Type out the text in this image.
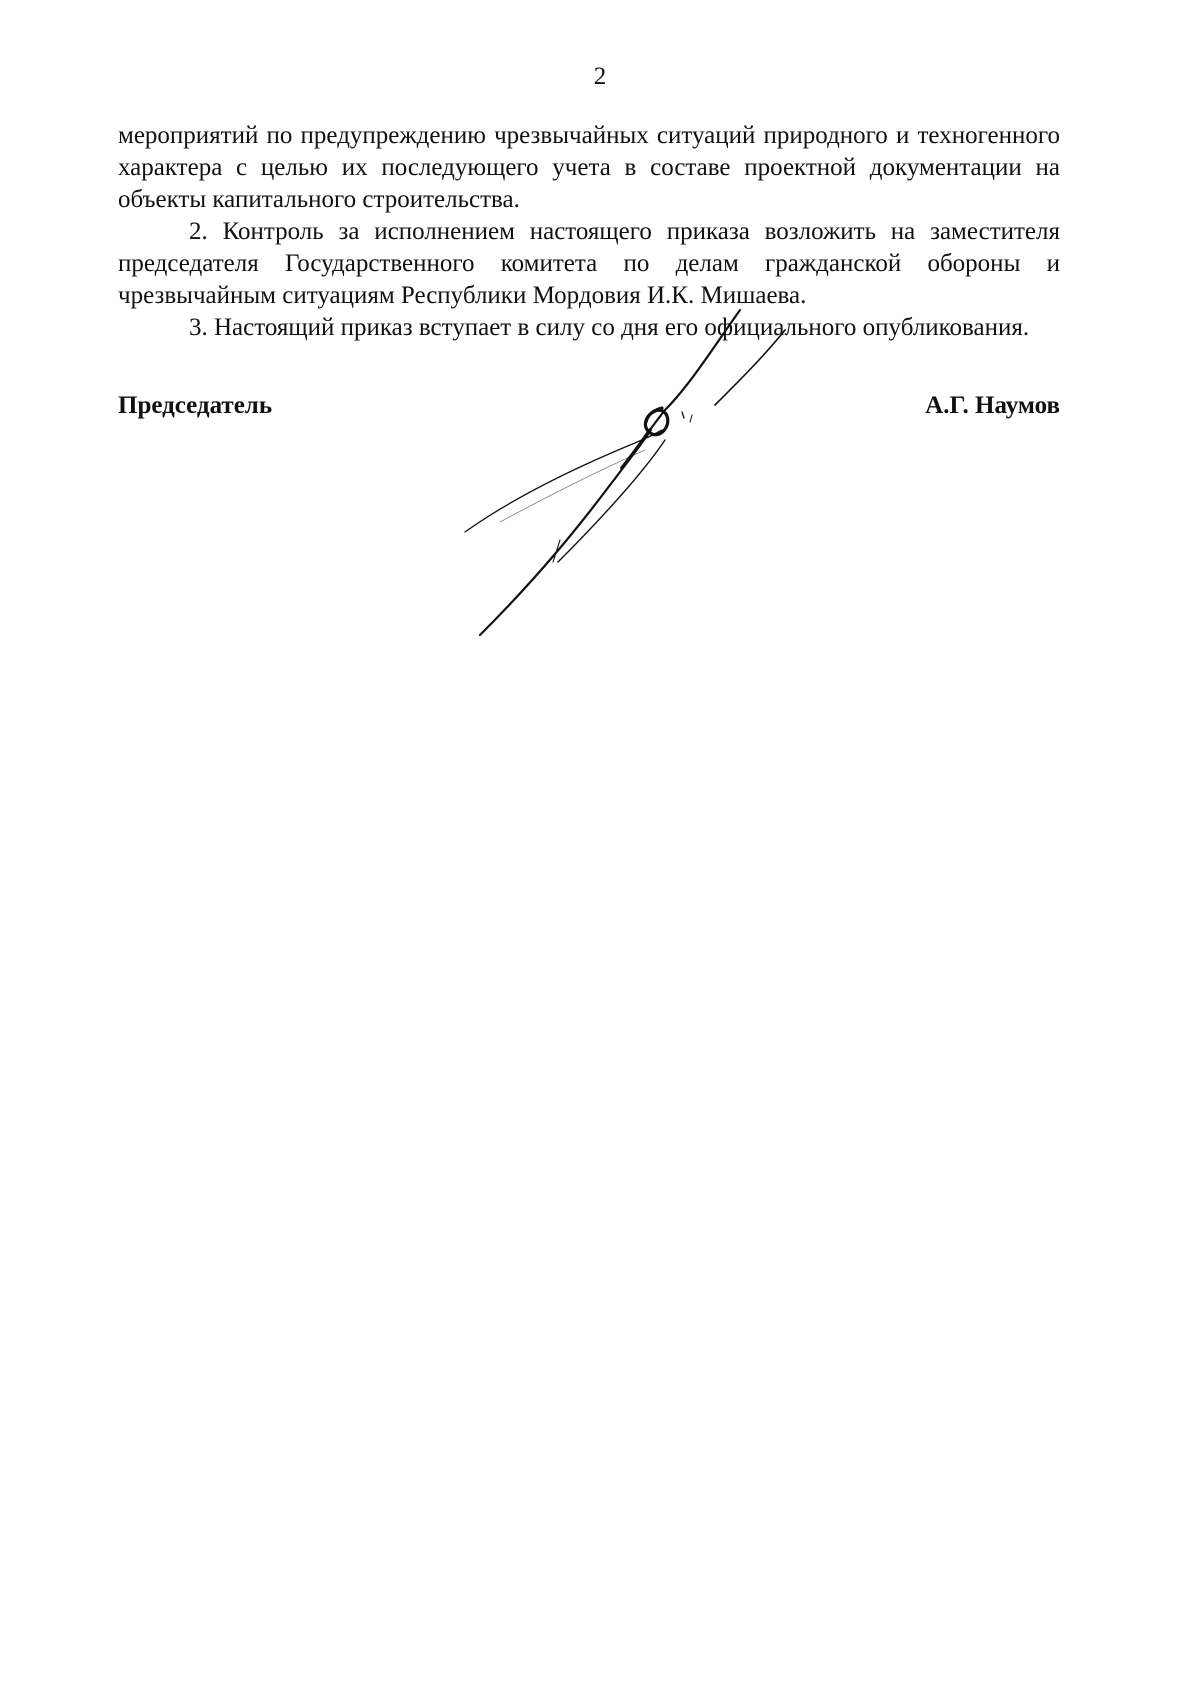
2

мероприятий по предупреждению чрезвычайных ситуаций природного и техногенного характера с целью их последующего учета в составе проектной документации на объекты капитального строительства.

2. Контроль за исполнением настоящего приказа возложить на заместителя председателя Государственного комитета по делам гражданской обороны и чрезвычайным ситуациям Республики Мордовия И.К. Мишаева.

3. Настоящий приказ вступает в силу со дня его официального опубликования.

Председатель	А.Г. Наумов
